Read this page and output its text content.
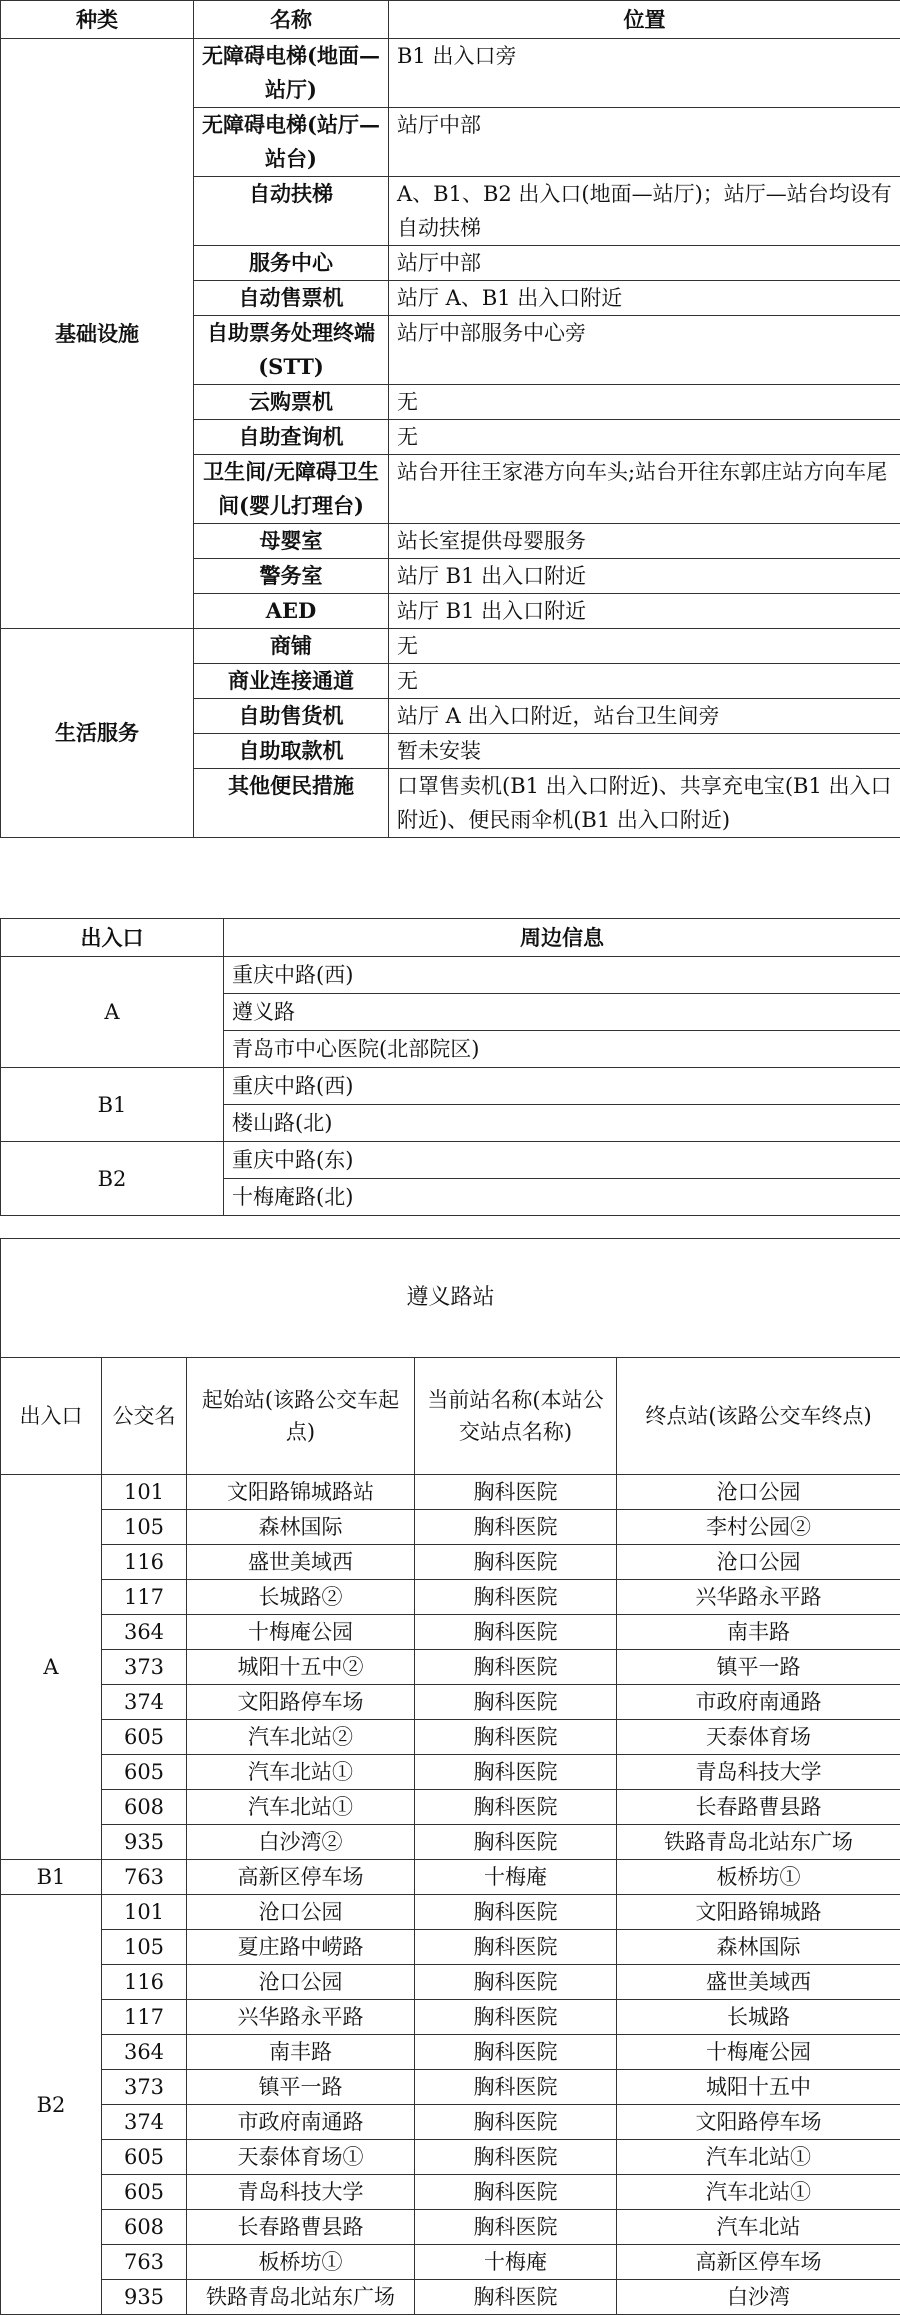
种类	名称	位置
基础设施	无障碍电梯(地面—站厅)	B1 出入口旁
	无障碍电梯(站厅—站台)	站厅中部
	自动扶梯	A、B1、B2 出入口(地面—站厅)；站厅—站台均设有自动扶梯
	服务中心	站厅中部
	自动售票机	站厅 A、B1 出入口附近
	自助票务处理终端(STT)	站厅中部服务中心旁
	云购票机	无
	自助查询机	无
	卫生间/无障碍卫生间(婴儿打理台)	站台开往王家港方向车头;站台开往东郭庄站方向车尾
	母婴室	站长室提供母婴服务
	警务室	站厅 B1 出入口附近
	AED	站厅 B1 出入口附近
生活服务	商铺	无
	商业连接通道	无
	自助售货机	站厅 A 出入口附近，站台卫生间旁
	自助取款机	暂未安装
	其他便民措施	口罩售卖机(B1 出入口附近)、共享充电宝(B1 出入口附近)、便民雨伞机(B1 出入口附近)
出入口	周边信息
A	重庆中路(西)
	遵义路
	青岛市中心医院(北部院区)
B1	重庆中路(西)
	楼山路(北)
B2	重庆中路(东)
	十梅庵路(北)
遵义路站				
出入口	公交名	起始站(该路公交车起点)	当前站名称(本站公交站点名称)	终点站(该路公交车终点)
A	101	文阳路锦城路站	胸科医院	沧口公园
	105	森林国际	胸科医院	李村公园②
	116	盛世美域西	胸科医院	沧口公园
	117	长城路②	胸科医院	兴华路永平路
	364	十梅庵公园	胸科医院	南丰路
	373	城阳十五中②	胸科医院	镇平一路
	374	文阳路停车场	胸科医院	市政府南通路
	605	汽车北站②	胸科医院	天泰体育场
	605	汽车北站①	胸科医院	青岛科技大学
	608	汽车北站①	胸科医院	长春路曹县路
	935	白沙湾②	胸科医院	铁路青岛北站东广场
B1	763	高新区停车场	十梅庵	板桥坊①
B2	101	沧口公园	胸科医院	文阳路锦城路
	105	夏庄路中崂路	胸科医院	森林国际
	116	沧口公园	胸科医院	盛世美域西
	117	兴华路永平路	胸科医院	长城路
	364	南丰路	胸科医院	十梅庵公园
	373	镇平一路	胸科医院	城阳十五中
	374	市政府南通路	胸科医院	文阳路停车场
	605	天泰体育场①	胸科医院	汽车北站①
	605	青岛科技大学	胸科医院	汽车北站①
	608	长春路曹县路	胸科医院	汽车北站
	763	板桥坊①	十梅庵	高新区停车场
	935	铁路青岛北站东广场	胸科医院	白沙湾
